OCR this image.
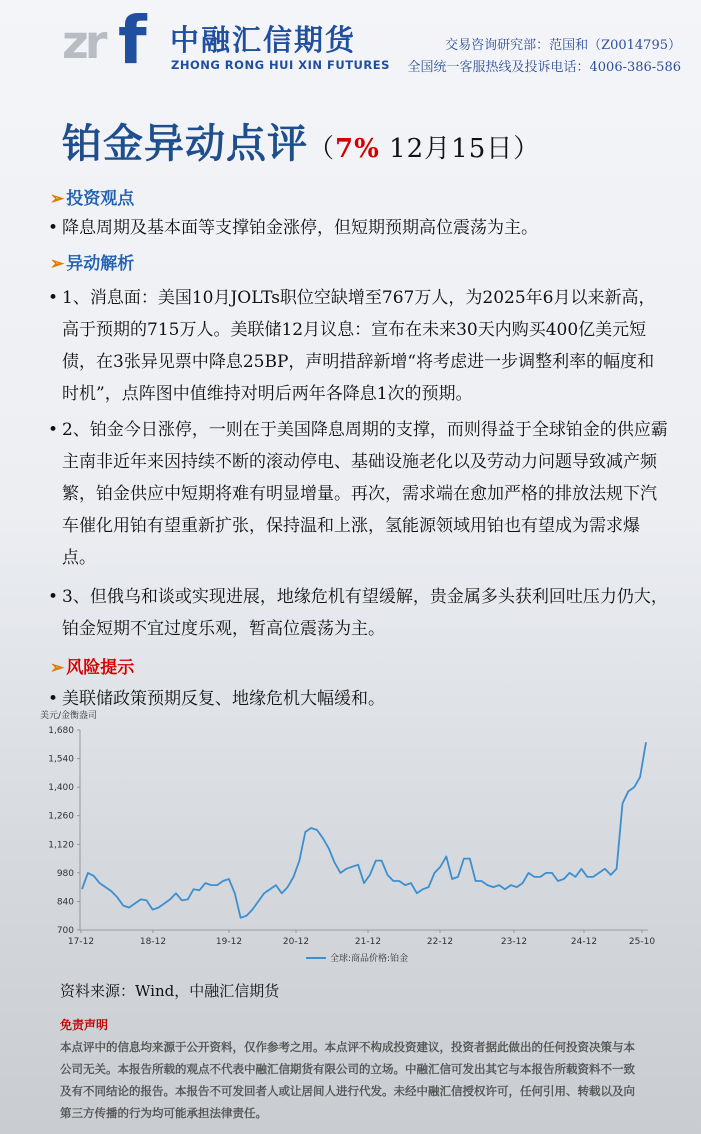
zr f 中融汇信期货
ZHONG RONG HUI XIN FUTURES
交易咨询研究部：范国和（Z0014795）
全国统一客服热线及投诉电话：4006-386-586
铂金异动点评（7% 12月15日）
➢ 投资观点
• 降息周期及基本面等支撑铂金涨停，但短期预期高位震荡为主。
➢ 异动解析
• 1、消息面：美国10月JOLTs职位空缺增至767万人，为2025年6月以来新高，高于预期的715万人。美联储12月议息：宣布在未来30天内购买400亿美元短债，在3张异见票中降息25BP，声明措辞新增“将考虑进一步调整利率的幅度和时机”，点阵图中值维持对明后两年各降息1次的预期。
• 2、铂金今日涨停，一则在于美国降息周期的支撑，而则得益于全球铂金的供应霸主南非近年来因持续不断的滚动停电、基础设施老化以及劳动力问题导致减产频繁，铂金供应中短期将难有明显增量。再次，需求端在愈加严格的排放法规下汽车催化用铂有望重新扩张，保持温和上涨，氢能源领域用铂也有望成为需求爆点。
• 3、但俄乌和谈或实现进展，地缘危机有望缓解，贵金属多头获利回吐压力仍大，铂金短期不宜过度乐观，暂高位震荡为主。
➢ 风险提示
• 美联储政策预期反复、地缘危机大幅缓和。
美元/金衡盎司
700
840
980
1,120
1,260
1,400
1,540
1,680
17-12	18-12	19-12	20-12	21-12	22-12	23-12	24-12	25-10
全球:商品价格:铂金
资料来源：Wind，中融汇信期货
免责声明
本点评中的信息均来源于公开资料，仅作参考之用。本点评不构成投资建议，投资者据此做出的任何投资决策与本公司无关。本报告所载的观点不代表中融汇信期货有限公司的立场。中融汇信可发出其它与本报告所载资料不一致及有不同结论的报告。本报告不可发回者人或让居间人进行代发。未经中融汇信授权许可，任何引用、转载以及向第三方传播的行为均可能承担法律责任。
